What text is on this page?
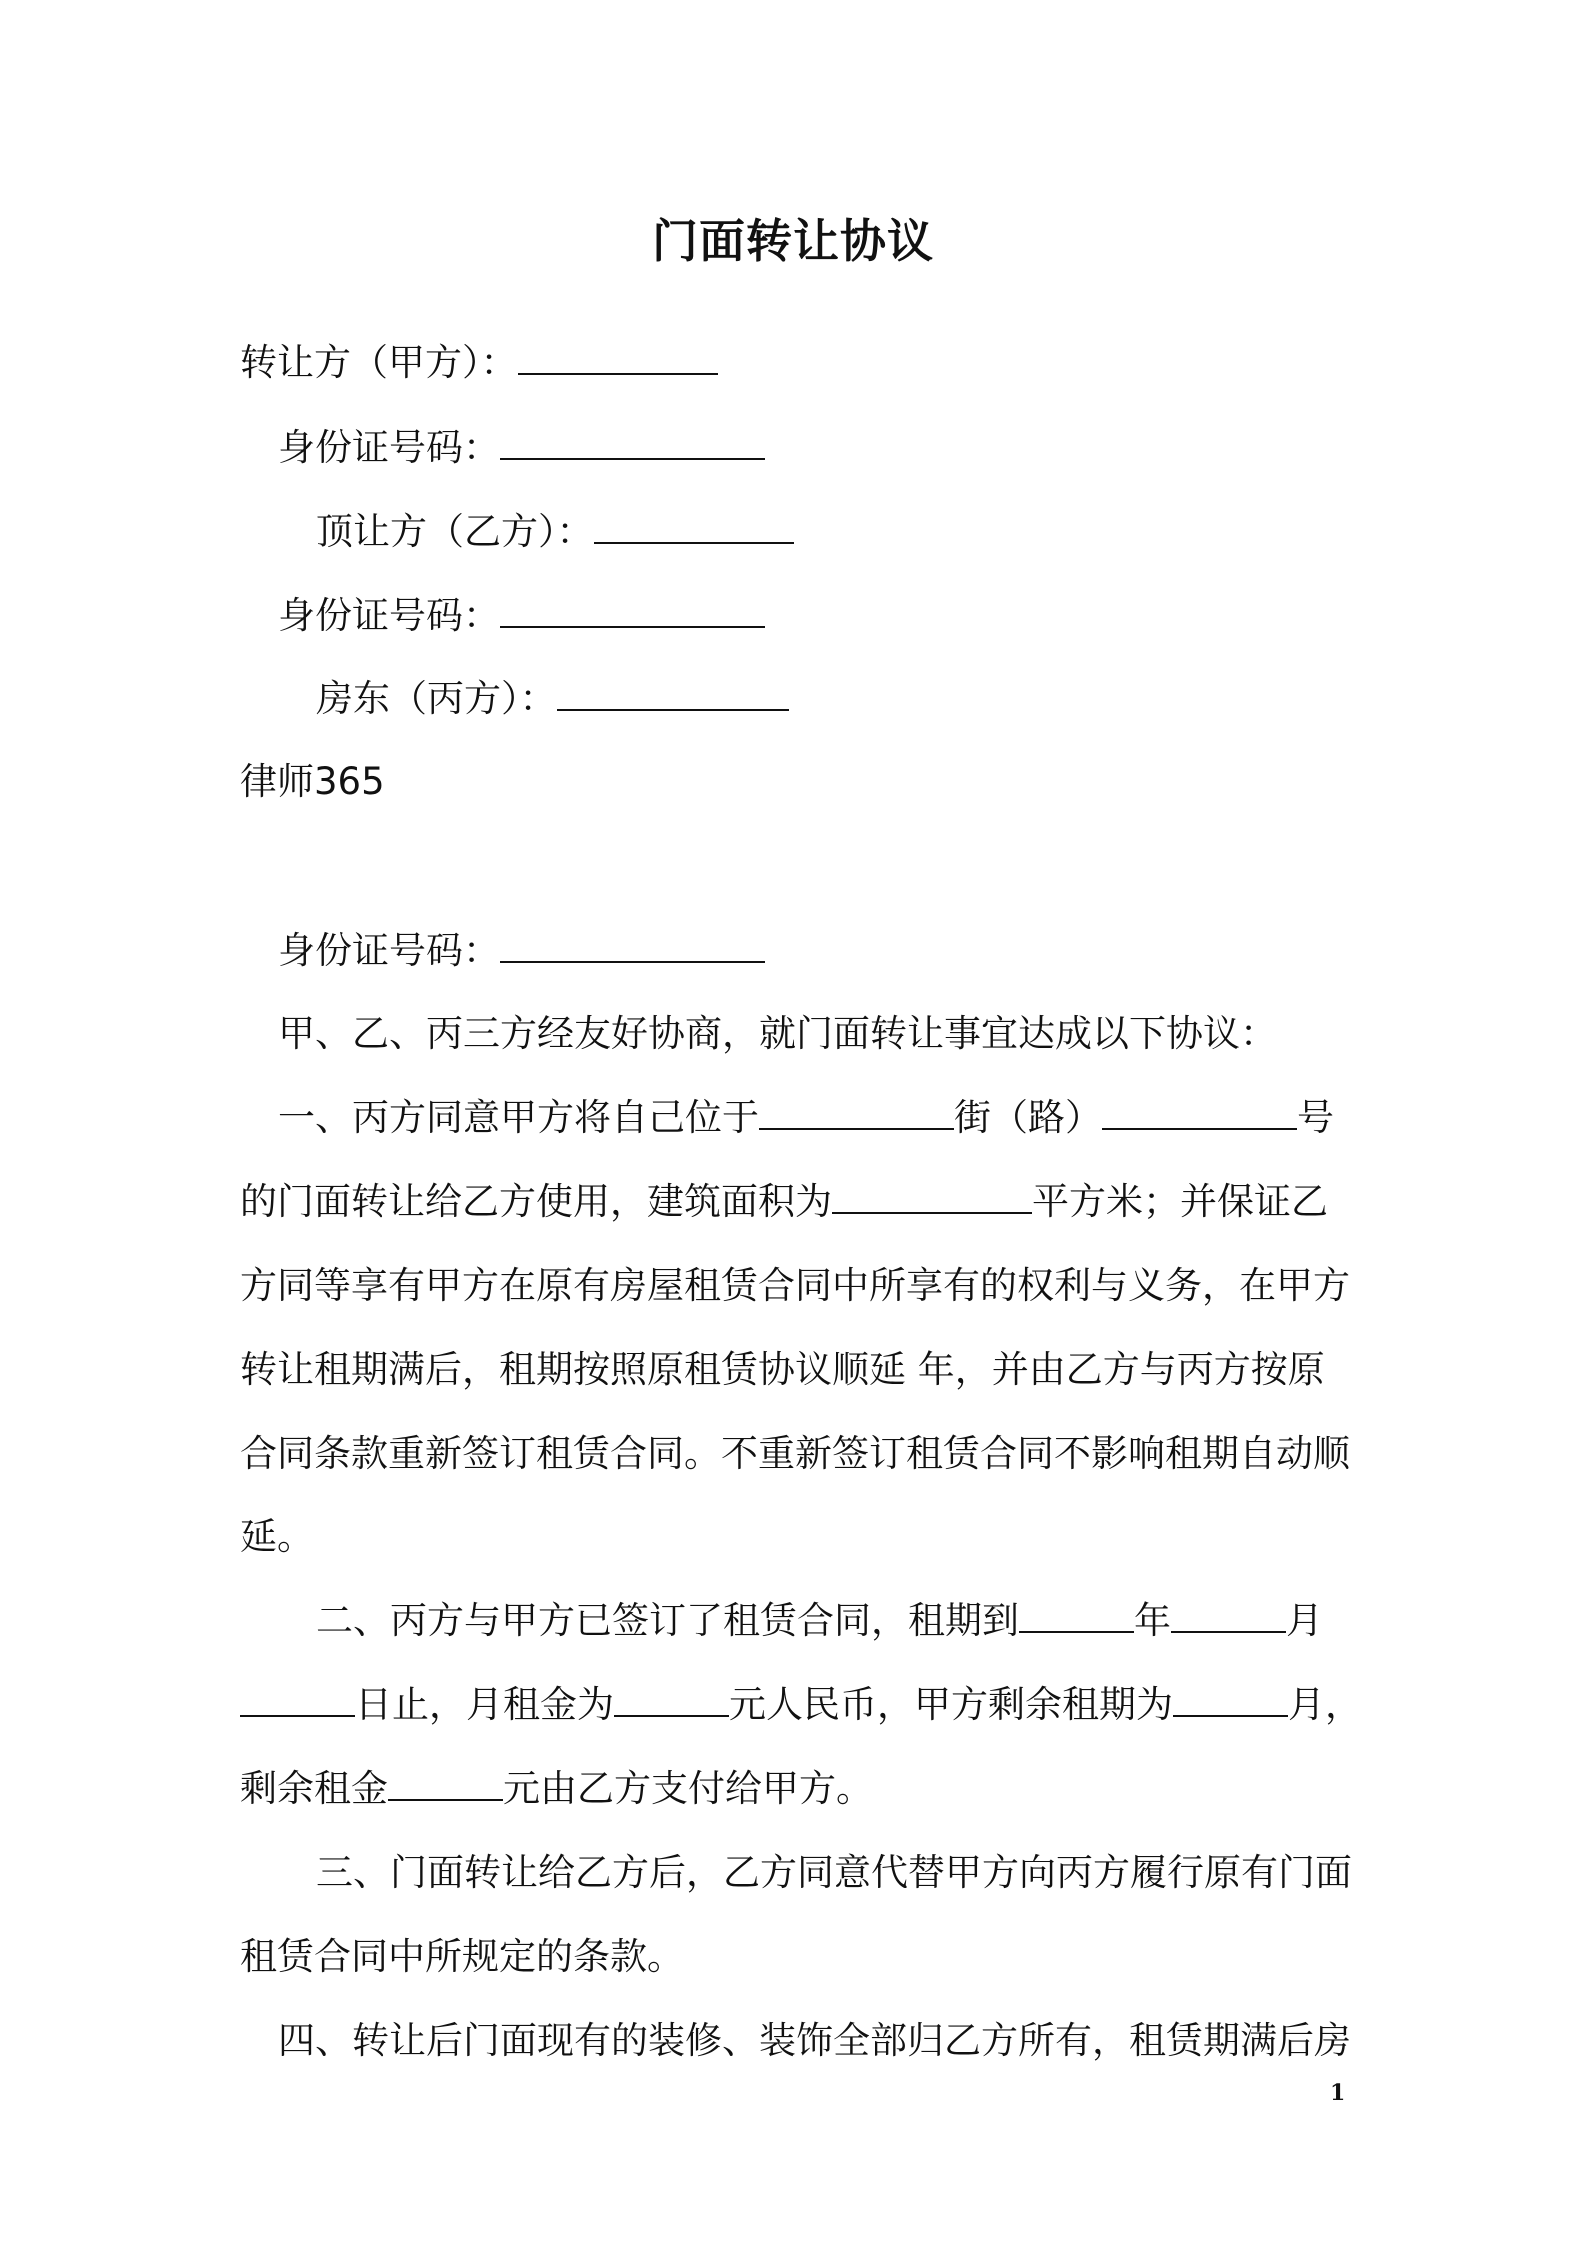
门面转让协议
转让方（甲方）：
身份证号码：
顶让方（乙方）：
身份证号码：
房东（丙方）：
律师365
身份证号码：
甲、乙、丙三方经友好协商，就门面转让事宜达成以下协议：
一、丙方同意甲方将自己位于	街（路）	号
的门面转让给乙方使用，建筑面积为	平方米；并保证乙
方同等享有甲方在原有房屋租赁合同中所享有的权利与义务，在甲方
转让租期满后，租期按照原租赁协议顺延 年，并由乙方与丙方按原
合同条款重新签订租赁合同。不重新签订租赁合同不影响租期自动顺
延。
二、丙方与甲方已签订了租赁合同，租期到	年	月
日止，月租金为	元人民币，甲方剩余租期为	月，
剩余租金	元由乙方支付给甲方。
三、门面转让给乙方后，乙方同意代替甲方向丙方履行原有门面
租赁合同中所规定的条款。
四、转让后门面现有的装修、装饰全部归乙方所有，租赁期满后房
1
